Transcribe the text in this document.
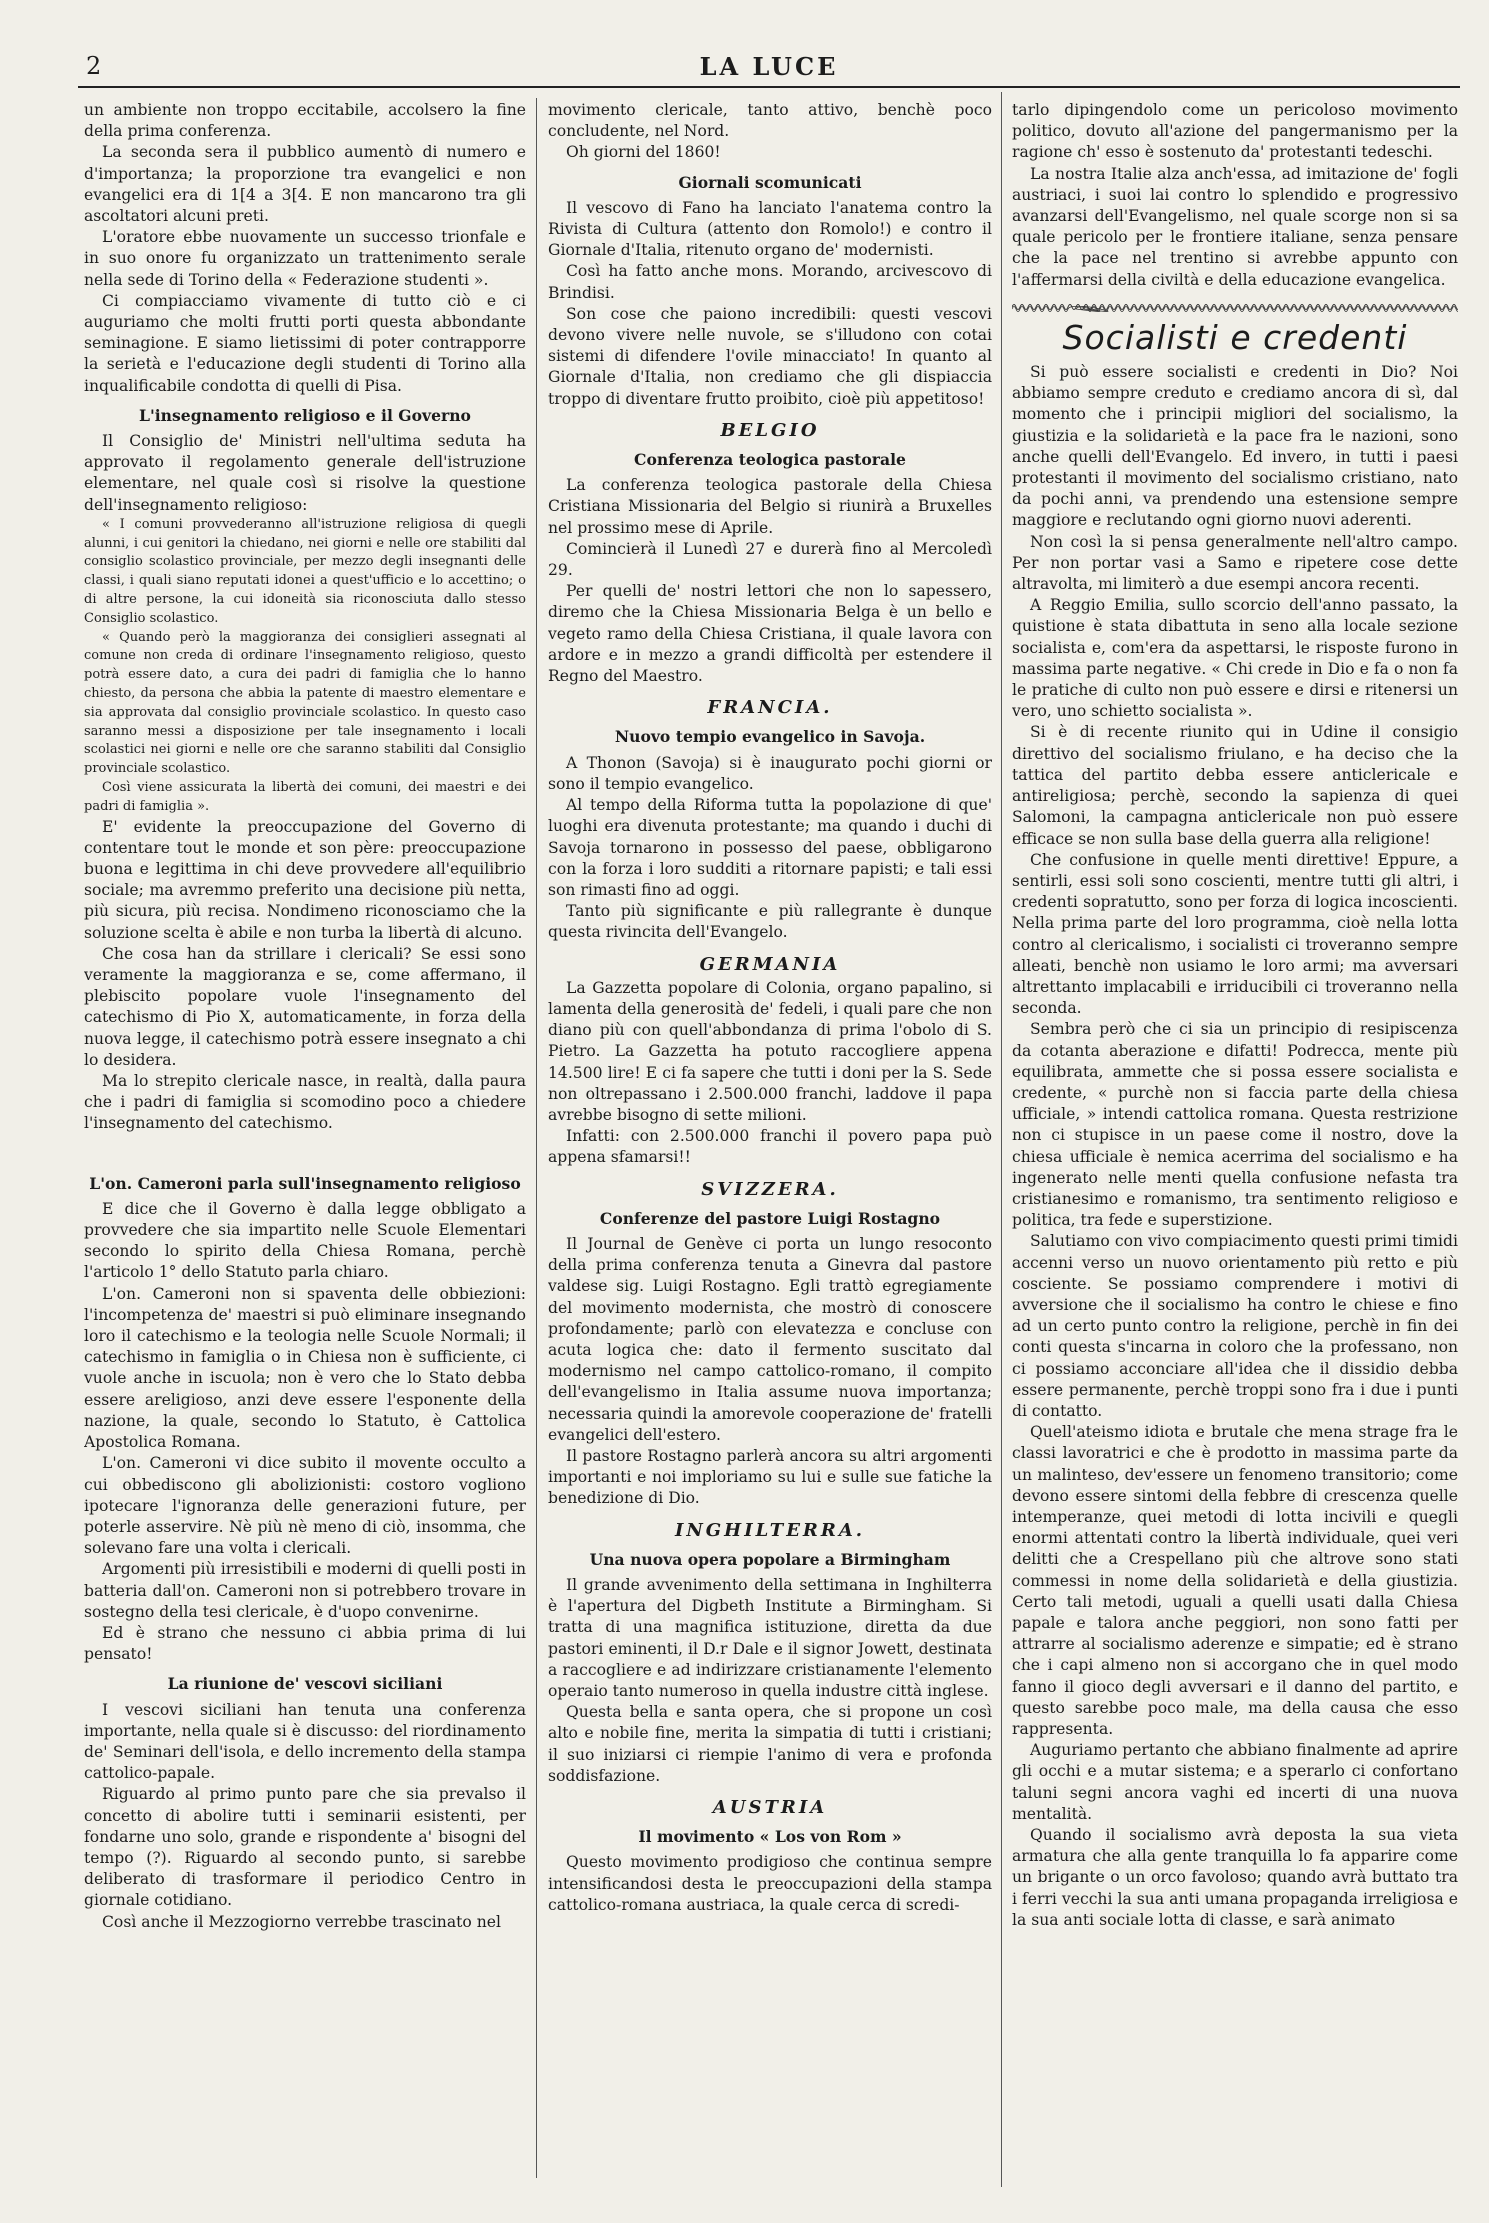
2	LA LUCE

un ambiente non troppo eccitabile, accolsero la fine della prima conferenza.

La seconda sera il pubblico aumentò di numero e d'importanza; la proporzione tra evangelici e non evangelici era di 1[4 a 3[4. E non mancarono tra gli ascoltatori alcuni preti.

L'oratore ebbe nuovamente un successo trionfale e in suo onore fu organizzato un trattenimento serale nella sede di Torino della « Federazione studenti ».

Ci compiacciamo vivamente di tutto ciò e ci auguriamo che molti frutti porti questa abbondante seminagione. E siamo lietissimi di poter contrapporre la serietà e l'educazione degli studenti di Torino alla inqualificabile condotta di quelli di Pisa.

L'insegnamento religioso e il Governo

Il Consiglio de' Ministri nell'ultima seduta ha approvato il regolamento generale dell'istruzione elementare, nel quale così si risolve la questione dell'insegnamento religioso:

« I comuni provvederanno all'istruzione religiosa di quegli alunni, i cui genitori la chiedano, nei giorni e nelle ore stabiliti dal consiglio scolastico provinciale, per mezzo degli insegnanti delle classi, i quali siano reputati idonei a quest'ufficio e lo accettino; o di altre persone, la cui idoneità sia riconosciuta dallo stesso Consiglio scolastico.

« Quando però la maggioranza dei consiglieri assegnati al comune non creda di ordinare l'insegnamento religioso, questo potrà essere dato, a cura dei padri di famiglia che lo hanno chiesto, da persona che abbia la patente di maestro elementare e sia approvata dal consiglio provinciale scolastico. In questo caso saranno messi a disposizione per tale insegnamento i locali scolastici nei giorni e nelle ore che saranno stabiliti dal Consiglio provinciale scolastico.

Così viene assicurata la libertà dei comuni, dei maestri e dei padri di famiglia ».

E' evidente la preoccupazione del Governo di contentare tout le monde et son père: preoccupazione buona e legittima in chi deve provvedere all'equilibrio sociale; ma avremmo preferito una decisione più netta, più sicura, più recisa. Nondimeno riconosciamo che la soluzione scelta è abile e non turba la libertà di alcuno.

Che cosa han da strillare i clericali? Se essi sono veramente la maggioranza e se, come affermano, il plebiscito popolare vuole l'insegnamento del catechismo di Pio X, automaticamente, in forza della nuova legge, il catechismo potrà essere insegnato a chi lo desidera.

Ma lo strepito clericale nasce, in realtà, dalla paura che i padri di famiglia si scomodino poco a chiedere l'insegnamento del catechismo.

L'on. Cameroni parla sull'insegnamento religioso

E dice che il Governo è dalla legge obbligato a provvedere che sia impartito nelle Scuole Elementari secondo lo spirito della Chiesa Romana, perchè l'articolo 1° dello Statuto parla chiaro.

L'on. Cameroni non si spaventa delle obbiezioni: l'incompetenza de' maestri si può eliminare insegnando loro il catechismo e la teologia nelle Scuole Normali; il catechismo in famiglia o in Chiesa non è sufficiente, ci vuole anche in iscuola; non è vero che lo Stato debba essere areligioso, anzi deve essere l'esponente della nazione, la quale, secondo lo Statuto, è Cattolica Apostolica Romana.

L'on. Cameroni vi dice subito il movente occulto a cui obbediscono gli abolizionisti: costoro vogliono ipotecare l'ignoranza delle generazioni future, per poterle asservire. Nè più nè meno di ciò, insomma, che solevano fare una volta i clericali.

Argomenti più irresistibili e moderni di quelli posti in batteria dall'on. Cameroni non si potrebbero trovare in sostegno della tesi clericale, è d'uopo convenirne.

Ed è strano che nessuno ci abbia prima di lui pensato!

La riunione de' vescovi siciliani

I vescovi siciliani han tenuta una conferenza importante, nella quale si è discusso: del riordinamento de' Seminari dell'isola, e dello incremento della stampa cattolico-papale.

Riguardo al primo punto pare che sia prevalso il concetto di abolire tutti i seminarii esistenti, per fondarne uno solo, grande e rispondente a' bisogni del tempo (?). Riguardo al secondo punto, si sarebbe deliberato di trasformare il periodico Centro in giornale cotidiano.

Così anche il Mezzogiorno verrebbe trascinato nel

movimento clericale, tanto attivo, benchè poco concludente, nel Nord.

Oh giorni del 1860!

Giornali scomunicati

Il vescovo di Fano ha lanciato l'anatema contro la Rivista di Cultura (attento don Romolo!) e contro il Giornale d'Italia, ritenuto organo de' modernisti.

Così ha fatto anche mons. Morando, arcivescovo di Brindisi.

Son cose che paiono incredibili: questi vescovi devono vivere nelle nuvole, se s'illudono con cotai sistemi di difendere l'ovile minacciato! In quanto al Giornale d'Italia, non crediamo che gli dispiaccia troppo di diventare frutto proibito, cioè più appetitoso!

BELGIO
Conferenza teologica pastorale

La conferenza teologica pastorale della Chiesa Cristiana Missionaria del Belgio si riunirà a Bruxelles nel prossimo mese di Aprile.

Comincierà il Lunedì 27 e durerà fino al Mercoledì 29.

Per quelli de' nostri lettori che non lo sapessero, diremo che la Chiesa Missionaria Belga è un bello e vegeto ramo della Chiesa Cristiana, il quale lavora con ardore e in mezzo a grandi difficoltà per estendere il Regno del Maestro.

FRANCIA.
Nuovo tempio evangelico in Savoja.

A Thonon (Savoja) si è inaugurato pochi giorni or sono il tempio evangelico.

Al tempo della Riforma tutta la popolazione di que' luoghi era divenuta protestante; ma quando i duchi di Savoja tornarono in possesso del paese, obbligarono con la forza i loro sudditi a ritornare papisti; e tali essi son rimasti fino ad oggi.

Tanto più significante e più rallegrante è dunque questa rivincita dell'Evangelo.

GERMANIA

La Gazzetta popolare di Colonia, organo papalino, si lamenta della generosità de' fedeli, i quali pare che non diano più con quell'abbondanza di prima l'obolo di S. Pietro. La Gazzetta ha potuto raccogliere appena 14.500 lire! E ci fa sapere che tutti i doni per la S. Sede non oltrepassano i 2.500.000 franchi, laddove il papa avrebbe bisogno di sette milioni.

Infatti: con 2.500.000 franchi il povero papa può appena sfamarsi!!

SVIZZERA.
Conferenze del pastore Luigi Rostagno

Il Journal de Genève ci porta un lungo resoconto della prima conferenza tenuta a Ginevra dal pastore valdese sig. Luigi Rostagno. Egli trattò egregiamente del movimento modernista, che mostrò di conoscere profondamente; parlò con elevatezza e concluse con acuta logica che: dato il fermento suscitato dal modernismo nel campo cattolico-romano, il compito dell'evangelismo in Italia assume nuova importanza; necessaria quindi la amorevole cooperazione de' fratelli evangelici dell'estero.

Il pastore Rostagno parlerà ancora su altri argomenti importanti e noi imploriamo su lui e sulle sue fatiche la benedizione di Dio.

INGHILTERRA.
Una nuova opera popolare a Birmingham

Il grande avvenimento della settimana in Inghilterra è l'apertura del Digbeth Institute a Birmingham. Si tratta di una magnifica istituzione, diretta da due pastori eminenti, il D.r Dale e il signor Jowett, destinata a raccogliere e ad indirizzare cristianamente l'elemento operaio tanto numeroso in quella industre città inglese.

Questa bella e santa opera, che si propone un così alto e nobile fine, merita la simpatia di tutti i cristiani; il suo iniziarsi ci riempie l'animo di vera e profonda soddisfazione.

AUSTRIA
Il movimento « Los von Rom »

Questo movimento prodigioso che continua sempre intensificandosi desta le preoccupazioni della stampa cattolico-romana austriaca, la quale cerca di scredi-

tarlo dipingendolo come un pericoloso movimento politico, dovuto all'azione del pangermanismo per la ragione ch' esso è sostenuto da' protestanti tedeschi.

La nostra Italie alza anch'essa, ad imitazione de' fogli austriaci, i suoi lai contro lo splendido e progressivo avanzarsi dell'Evangelismo, nel quale scorge non si sa quale pericolo per le frontiere italiane, senza pensare che la pace nel trentino si avrebbe appunto con l'affermarsi della civiltà e della educazione evangelica.

Socialisti e credenti

Si può essere socialisti e credenti in Dio? Noi abbiamo sempre creduto e crediamo ancora di sì, dal momento che i principii migliori del socialismo, la giustizia e la solidarietà e la pace fra le nazioni, sono anche quelli dell'Evangelo. Ed invero, in tutti i paesi protestanti il movimento del socialismo cristiano, nato da pochi anni, va prendendo una estensione sempre maggiore e reclutando ogni giorno nuovi aderenti.

Non così la si pensa generalmente nell'altro campo. Per non portar vasi a Samo e ripetere cose dette altravolta, mi limiterò a due esempi ancora recenti.

A Reggio Emilia, sullo scorcio dell'anno passato, la quistione è stata dibattuta in seno alla locale sezione socialista e, com'era da aspettarsi, le risposte furono in massima parte negative. « Chi crede in Dio e fa o non fa le pratiche di culto non può essere e dirsi e ritenersi un vero, uno schietto socialista ».

Si è di recente riunito qui in Udine il consigio direttivo del socialismo friulano, e ha deciso che la tattica del partito debba essere anticlericale e antireligiosa; perchè, secondo la sapienza di quei Salomoni, la campagna anticlericale non può essere efficace se non sulla base della guerra alla religione!

Che confusione in quelle menti direttive! Eppure, a sentirli, essi soli sono coscienti, mentre tutti gli altri, i credenti sopratutto, sono per forza di logica incoscienti. Nella prima parte del loro programma, cioè nella lotta contro al clericalismo, i socialisti ci troveranno sempre alleati, benchè non usiamo le loro armi; ma avversari altrettanto implacabili e irriducibili ci troveranno nella seconda.

Sembra però che ci sia un principio di resipiscenza da cotanta aberazione e difatti! Podrecca, mente più equilibrata, ammette che si possa essere socialista e credente, « purchè non si faccia parte della chiesa ufficiale, » intendi cattolica romana. Questa restrizione non ci stupisce in un paese come il nostro, dove la chiesa ufficiale è nemica acerrima del socialismo e ha ingenerato nelle menti quella confusione nefasta tra cristianesimo e romanismo, tra sentimento religioso e politica, tra fede e superstizione.

Salutiamo con vivo compiacimento questi primi timidi accenni verso un nuovo orientamento più retto e più cosciente. Se possiamo comprendere i motivi di avversione che il socialismo ha contro le chiese e fino ad un certo punto contro la religione, perchè in fin dei conti questa s'incarna in coloro che la professano, non ci possiamo acconciare all'idea che il dissidio debba essere permanente, perchè troppi sono fra i due i punti di contatto.

Quell'ateismo idiota e brutale che mena strage fra le classi lavoratrici e che è prodotto in massima parte da un malinteso, dev'essere un fenomeno transitorio; come devono essere sintomi della febbre di crescenza quelle intemperanze, quei metodi di lotta incivili e quegli enormi attentati contro la libertà individuale, quei veri delitti che a Crespellano più che altrove sono stati commessi in nome della solidarietà e della giustizia. Certo tali metodi, uguali a quelli usati dalla Chiesa papale e talora anche peggiori, non sono fatti per attrarre al socialismo aderenze e simpatie; ed è strano che i capi almeno non si accorgano che in quel modo fanno il gioco degli avversari e il danno del partito, e questo sarebbe poco male, ma della causa che esso rappresenta.

Auguriamo pertanto che abbiano finalmente ad aprire gli occhi e a mutar sistema; e a sperarlo ci confortano taluni segni ancora vaghi ed incerti di una nuova mentalità.

Quando il socialismo avrà deposta la sua vieta armatura che alla gente tranquilla lo fa apparire come un brigante o un orco favoloso; quando avrà buttato tra i ferri vecchi la sua anti umana propaganda irreligiosa e la sua anti sociale lotta di classe, e sarà animato
